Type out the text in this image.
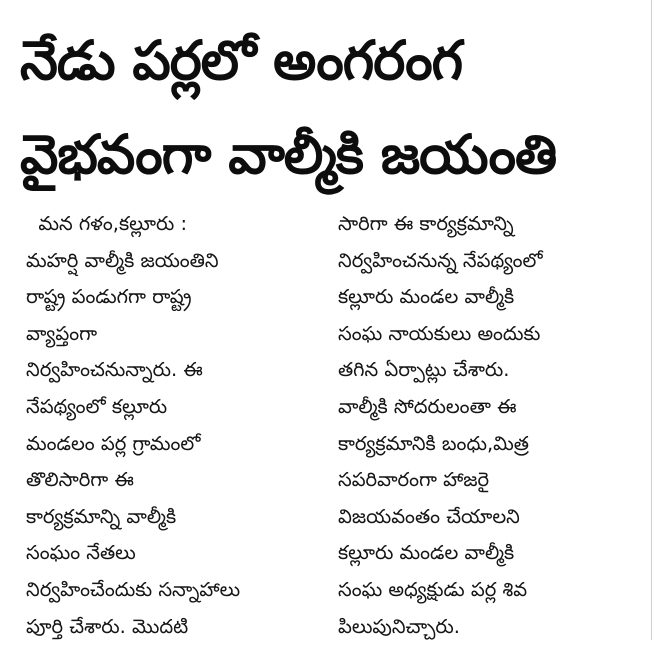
నేడు పర్లలో అంగరంగ
వైభవంగా వాల్మీకి జయంతి
మన గళం,కల్లూరు :
మహర్షి వాల్మీకి జయంతిని
రాష్ట్ర పండుగగా రాష్ట్ర
వ్యాప్తంగా
నిర్వహించనున్నారు. ఈ
నేపథ్యంలో కల్లూరు
మండలం పర్ల గ్రామంలో
తొలిసారిగా ఈ
కార్యక్రమాన్ని వాల్మీకి
సంఘం నేతలు
నిర్వహించేందుకు సన్నాహాలు
పూర్తి చేశారు. మొదటి
సారిగా ఈ కార్యక్రమాన్ని
నిర్వహించనున్న నేపథ్యంలో
కల్లూరు మండల వాల్మీకి
సంఘ నాయకులు అందుకు
తగిన ఏర్పాట్లు చేశారు.
వాల్మీకి సోదరులంతా ఈ
కార్యక్రమానికి బంధు,మిత్ర
సపరివారంగా హాజరై
విజయవంతం చేయాలని
కల్లూరు మండల వాల్మీకి
సంఘ అధ్యక్షుడు పర్ల శివ
పిలుపునిచ్చారు.
